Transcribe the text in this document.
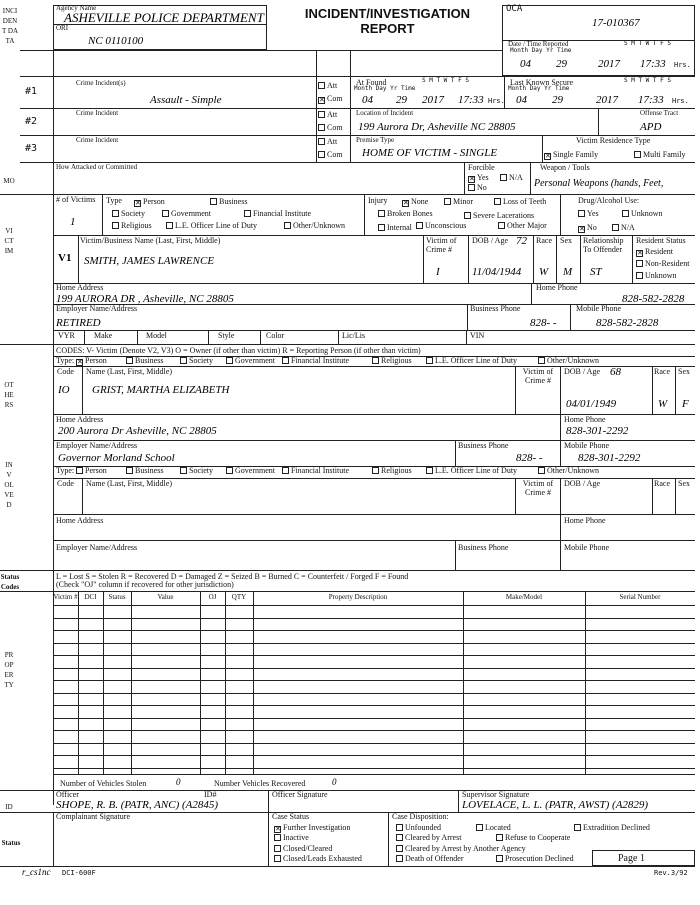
INCIDENT DATA
MO
VICTIM
OTHERS
INVOLVED
Status Codes
PROPERTY
ID
Status
Agency Name
ASHEVILLE POLICE DEPARTMENT
ORI
NC 0110100
INCIDENT/INVESTIGATION
REPORT
OCA
17-010367
Date / Time Reported	S M T W T F S
Month Day Yr Time
04 29	2017 17:33 Hrs.
#1
Crime Incident(s)
Assault - Simple
Att
✕ Com
#2
Crime Incident	Att
Com
#3
Crime Incident	Att
Com
At Found	S M T W T F S
Month Day Yr Time
04 29 2017 17:33 Hrs.
Last Known Secure	S M T W T F S
Month Day Yr Time
04 29	2017 17:33 Hrs.
Location of Incident
199 Aurora Dr, Asheville NC 28805
Offense Tract
APD
Premise Type
HOME OF VICTIM - SINGLE
Victim Residence Type
✕ Single Family	Multi Family
How Attacked or Committed	Forcible
✕ Yes
No
N/A
Weapon / Tools
Personal Weapons (hands, Feet,
# of Victims
1
Type ✕ Person	Business
Society	Government	Financial Institute
Religious	L.E. Officer Line of Duty	Other/Unknown
Injury ✕ None	Minor	Loss of Teeth
Broken Bones	Severe Lacerations
Internal	Unconscious	Other Major
Drug/Alcohol Use:
Yes	Unknown
✕ No	N/A
Victim/Business Name (Last, First, Middle)
V1 SMITH, JAMES LAWRENCE
Victim of Crime #
I
DOB / Age 72
11/04/1944
Race
W
Sex
M
Relationship To Offender
ST
Resident Status
✕ Resident
Non-Resident
Unknown
Home Address
199 AURORA DR , Asheville, NC 28805
Home Phone
828-582-2828
Employer Name/Address
RETIRED
Business Phone
828- -
Mobile Phone
828-582-2828
VYR Make	Model	Style	Color	Lic/Lis	VIN
CODES: V- Victim (Denote V2, V3) O = Owner (if other than victim) R = Reporting Person (if other than victim)
Type: ✕ Person	Business	Society	Government	Financial Institute	Religious	L.E. Officer Line of Duty	Other/Unknown
Code Name (Last, First, Middle)
IO GRIST, MARTHA ELIZABETH
Victim of Crime #
DOB / Age 68
04/01/1949
Race
W
Sex
F
Home Address
200 Aurora Dr Asheville, NC 28805
Home Phone
828-301-2292
Employer Name/Address
Governor Morland School
Business Phone
828- -
Mobile Phone
828-301-2292
Type:	Person	Business	Society	Government	Financial Institute	Religious	L.E. Officer Line of Duty	Other/Unknown
Code Name (Last, First, Middle)	Victim of Crime #
DOB / Age	Race Sex
Home Address	Home Phone
Employer Name/Address	Business Phone	Mobile Phone
L = Lost S = Stolen R = Recovered D = Damaged Z = Seized B = Burned C = Counterfeit / Forged F = Found
(Check "OJ" column if recovered for other jurisdiction)
Victim # DCI	Status	Value	OJ	QTY	Property Description	Make/Model	Serial Number
Number of Vehicles Stolen	0	Number Vehicles Recovered	0
Officer	ID#
SHOPE, R. B. (PATR, ANC) (A2845)
Officer Signature	Supervisor Signature
LOVELACE, L. L. (PATR, AWST) (A2829)
Complainant Signature	Case Status
✕ Further Investigation
Inactive
Closed/Cleared
Closed/Leads Exhausted
Case Disposition:
Unfounded	Located	Extradition Declined
Cleared by Arrest	Refuse to Cooperate
Cleared by Arrest by Another Agency
Death of Offender	Prosecution Declined	Page 1
r_cs1nc DCI-600F	Rev.3/92
